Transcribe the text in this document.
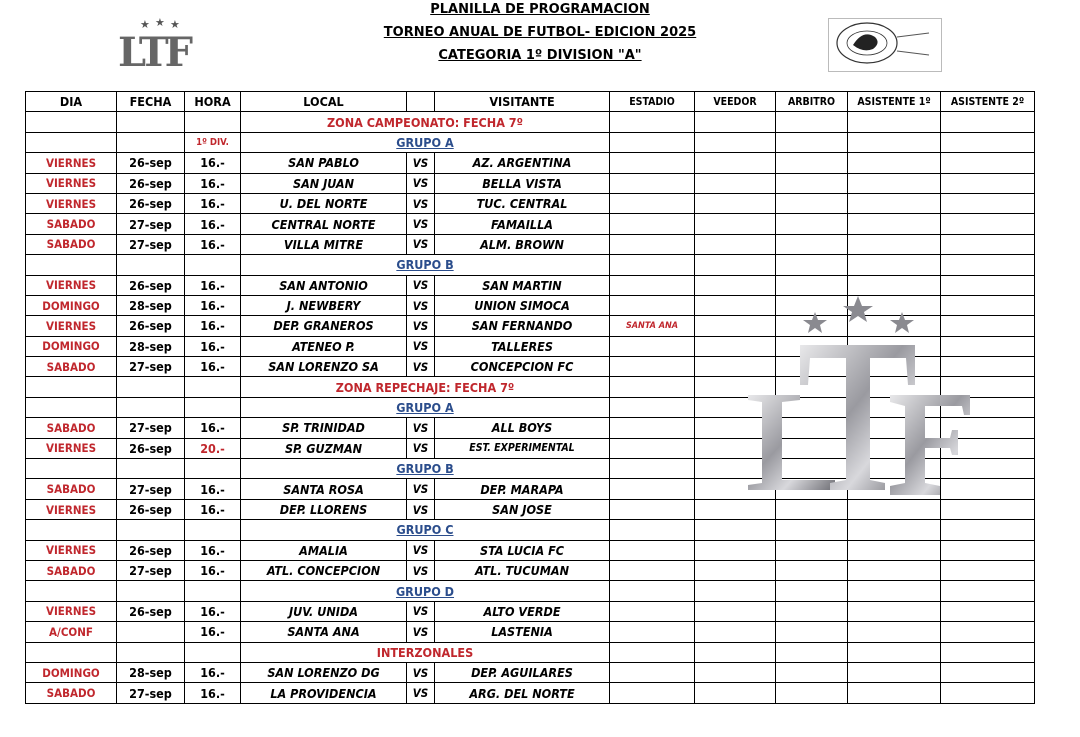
★ ★ ★
LTF
PLANILLA DE PROGRAMACION
TORNEO ANUAL DE FUTBOL- EDICION 2025
CATEGORIA 1º DIVISION "A"
DIA	FECHA	HORA	LOCAL		VISITANTE	ESTADIO	VEEDOR	ARBITRO	ASISTENTE 1º	ASISTENTE 2º
			ZONA CAMPEONATO: FECHA 7º							
		1º DIV.	GRUPO A							
VIERNES	26-sep	16.-	SAN PABLO	VS	AZ. ARGENTINA					
VIERNES	26-sep	16.-	SAN JUAN	VS	BELLA VISTA					
VIERNES	26-sep	16.-	U. DEL NORTE	VS	TUC. CENTRAL					
SABADO	27-sep	16.-	CENTRAL NORTE	VS	FAMAILLA					
SABADO	27-sep	16.-	VILLA MITRE	VS	ALM. BROWN					
			GRUPO B							
VIERNES	26-sep	16.-	SAN ANTONIO	VS	SAN MARTIN					
DOMINGO	28-sep	16.-	J. NEWBERY	VS	UNION SIMOCA					
VIERNES	26-sep	16.-	DEP. GRANEROS	VS	SAN FERNANDO	SANTA ANA				
DOMINGO	28-sep	16.-	ATENEO P.	VS	TALLERES					
SABADO	27-sep	16.-	SAN LORENZO SA	VS	CONCEPCION FC					
			ZONA REPECHAJE: FECHA 7º							
			GRUPO A							
SABADO	27-sep	16.-	SP. TRINIDAD	VS	ALL BOYS					
VIERNES	26-sep	20.-	SP. GUZMAN	VS	EST. EXPERIMENTAL					
			GRUPO B							
SABADO	27-sep	16.-	SANTA ROSA	VS	DEP. MARAPA					
VIERNES	26-sep	16.-	DEP. LLORENS	VS	SAN JOSE					
			GRUPO C							
VIERNES	26-sep	16.-	AMALIA	VS	STA LUCIA FC					
SABADO	27-sep	16.-	ATL. CONCEPCION	VS	ATL. TUCUMAN					
			GRUPO D							
VIERNES	26-sep	16.-	JUV. UNIDA	VS	ALTO VERDE					
A/CONF		16.-	SANTA ANA	VS	LASTENIA					
			INTERZONALES							
DOMINGO	28-sep	16.-	SAN LORENZO DG	VS	DEP. AGUILARES					
SABADO	27-sep	16.-	LA PROVIDENCIA	VS	ARG. DEL NORTE					
